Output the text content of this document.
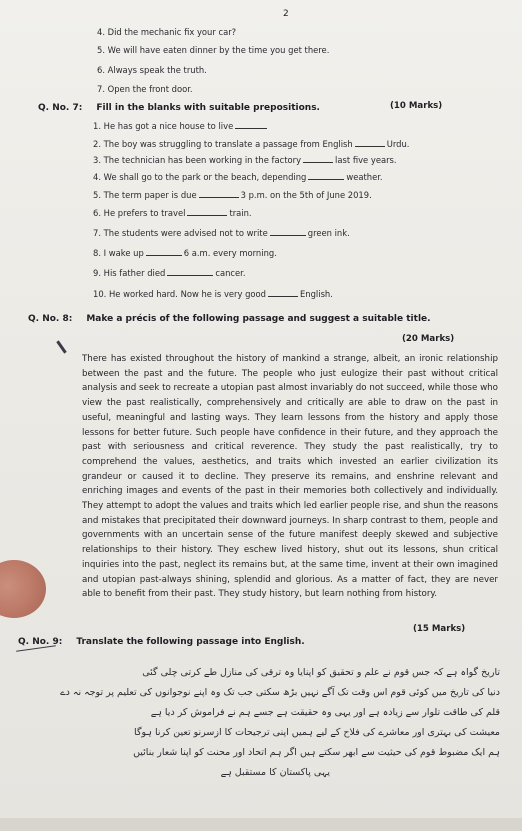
2
4. Did the mechanic fix your car?
5. We will have eaten dinner by the time you get there.
6. Always speak the truth.
7. Open the front door.
Q. No. 7: Fill in the blanks with suitable prepositions.	(10 Marks)
1. He has got a nice house to live
2. The boy was struggling to translate a passage from English	Urdu.
3. The technician has been working in the factory	last five years.
4. We shall go to the park or the beach, depending	weather.
5. The term paper is due	3 p.m. on the 5th of June 2019.
6. He prefers to travel	train.
7. The students were advised not to write	green ink.
8. I wake up	6 a.m. every morning.
9. His father died	cancer.
10. He worked hard. Now he is very good	English.
Q. No. 8: Make a précis of the following passage and suggest a suitable title.
(20 Marks)

There has existed throughout the history of mankind a strange, albeit, an ironic relationship between the past and the future. The people who just eulogize their past without critical analysis and seek to recreate a utopian past almost invariably do not succeed, while those who view the past realistically, comprehensively and critically are able to draw on the past in useful, meaningful and lasting ways. They learn lessons from the history and apply those lessons for better future. Such people have confidence in their future, and they approach the past with seriousness and critical reverence. They study the past realistically, try to comprehend the values, aesthetics, and traits which invested an earlier civilization its grandeur or caused it to decline. They preserve its remains, and enshrine relevant and enriching images and events of the past in their memories both collectively and individually. They attempt to adopt the values and traits which led earlier people rise, and shun the reasons and mistakes that precipitated their downward journeys. In sharp contrast to them, people and governments with an uncertain sense of the future manifest deeply skewed and subjective relationships to their history. They eschew lived history, shut out its lessons, shun critical inquiries into the past, neglect its remains but, at the same time, invent at their own imagined and utopian past-always shining, splendid and glorious. As a matter of fact, they are never able to benefit from their past. They study history, but learn nothing from history.

(15 Marks)
Q. No. 9: Translate the following passage into English.
تاریخ گواہ ہے کہ جس قوم نے علم و تحقیق کو اپنایا وہ ترقی کی منازل طے کرتی چلی گئی
دنیا کی تاریخ میں کوئی قوم اس وقت تک آگے نہیں بڑھ سکتی جب تک وہ اپنے نوجوانوں کی تعلیم پر توجہ نہ دے
قلم کی طاقت تلوار سے زیادہ ہے اور یہی وہ حقیقت ہے جسے ہم نے فراموش کر دیا ہے
معیشت کی بہتری اور معاشرے کی فلاح کے لیے ہمیں اپنی ترجیحات کا ازسرنو تعین کرنا ہوگا
ہم ایک مضبوط قوم کی حیثیت سے ابھر سکتے ہیں اگر ہم اتحاد اور محنت کو اپنا شعار بنائیں
یہی پاکستان کا مستقبل ہے
